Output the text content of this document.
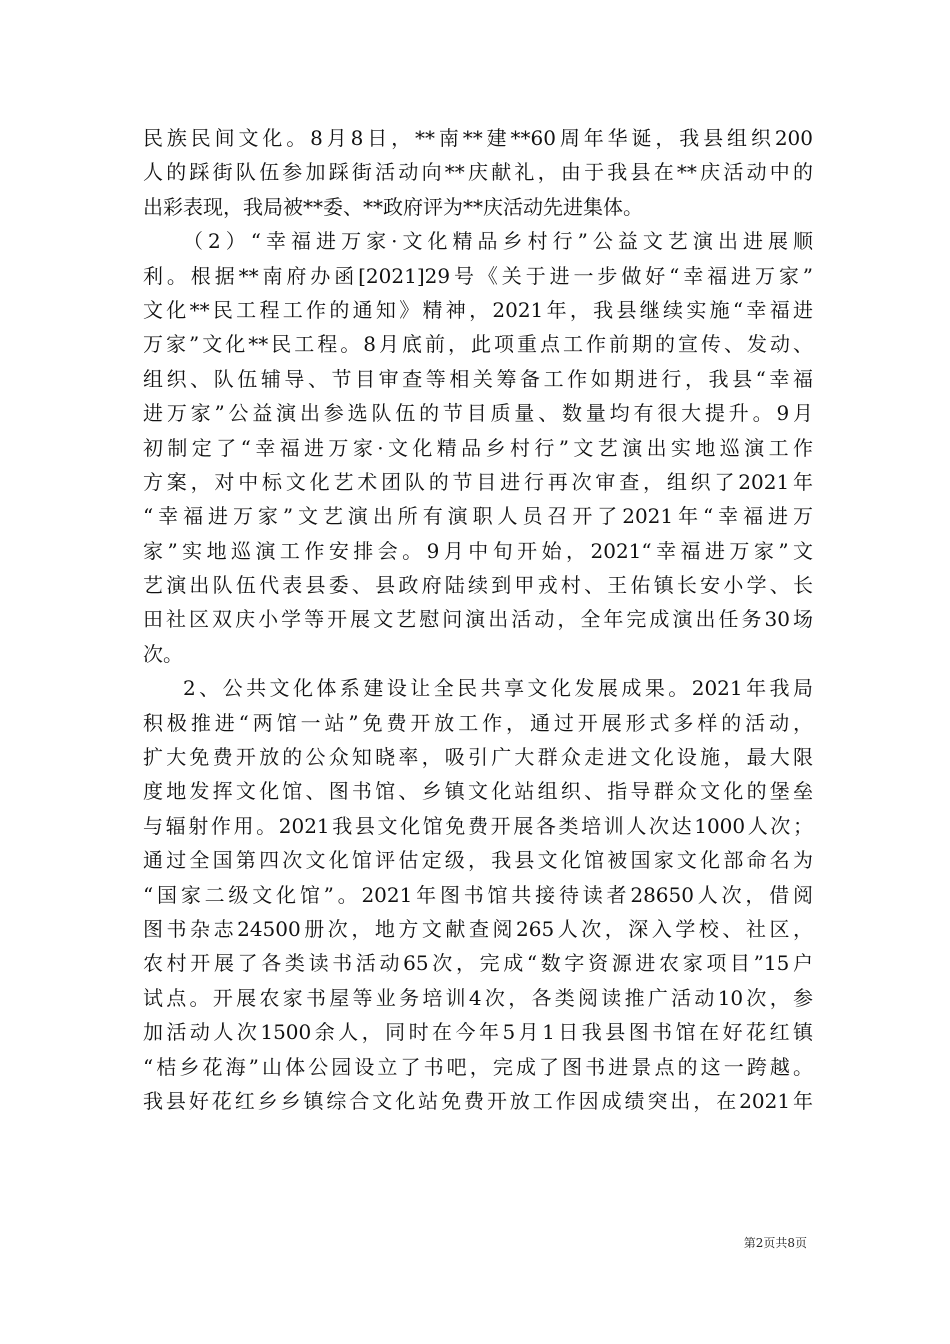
民族民间文化。8月8日，**南**建**60周年华诞，我县组织200
人的踩街队伍参加踩街活动向**庆献礼，由于我县在**庆活动中的
出彩表现，我局被**委、**政府评为**庆活动先进集体。
（2）“幸福进万家·文化精品乡村行”公益文艺演出进展顺
利。根据**南府办函[2021]29号《关于进一步做好“幸福进万家”
文化**民工程工作的通知》精神，2021年，我县继续实施“幸福进
万家”文化**民工程。8月底前，此项重点工作前期的宣传、发动、
组织、队伍辅导、节目审查等相关筹备工作如期进行，我县“幸福
进万家”公益演出参选队伍的节目质量、数量均有很大提升。9月
初制定了“幸福进万家·文化精品乡村行”文艺演出实地巡演工作
方案，对中标文化艺术团队的节目进行再次审查，组织了2021年
“幸福进万家”文艺演出所有演职人员召开了2021年“幸福进万
家”实地巡演工作安排会。9月中旬开始，2021“幸福进万家”文
艺演出队伍代表县委、县政府陆续到甲戎村、王佑镇长安小学、长
田社区双庆小学等开展文艺慰问演出活动，全年完成演出任务30场
次。
2、公共文化体系建设让全民共享文化发展成果。2021年我局
积极推进“两馆一站”免费开放工作，通过开展形式多样的活动，
扩大免费开放的公众知晓率，吸引广大群众走进文化设施，最大限
度地发挥文化馆、图书馆、乡镇文化站组织、指导群众文化的堡垒
与辐射作用。2021我县文化馆免费开展各类培训人次达1000人次；
通过全国第四次文化馆评估定级，我县文化馆被国家文化部命名为
“国家二级文化馆”。2021年图书馆共接待读者28650人次，借阅
图书杂志24500册次，地方文献查阅265人次，深入学校、社区，
农村开展了各类读书活动65次，完成“数字资源进农家项目”15户
试点。开展农家书屋等业务培训4次，各类阅读推广活动10次，参
加活动人次1500余人，同时在今年5月1日我县图书馆在好花红镇
“桔乡花海”山体公园设立了书吧，完成了图书进景点的这一跨越。
我县好花红乡乡镇综合文化站免费开放工作因成绩突出，在2021年
第2页共8页
